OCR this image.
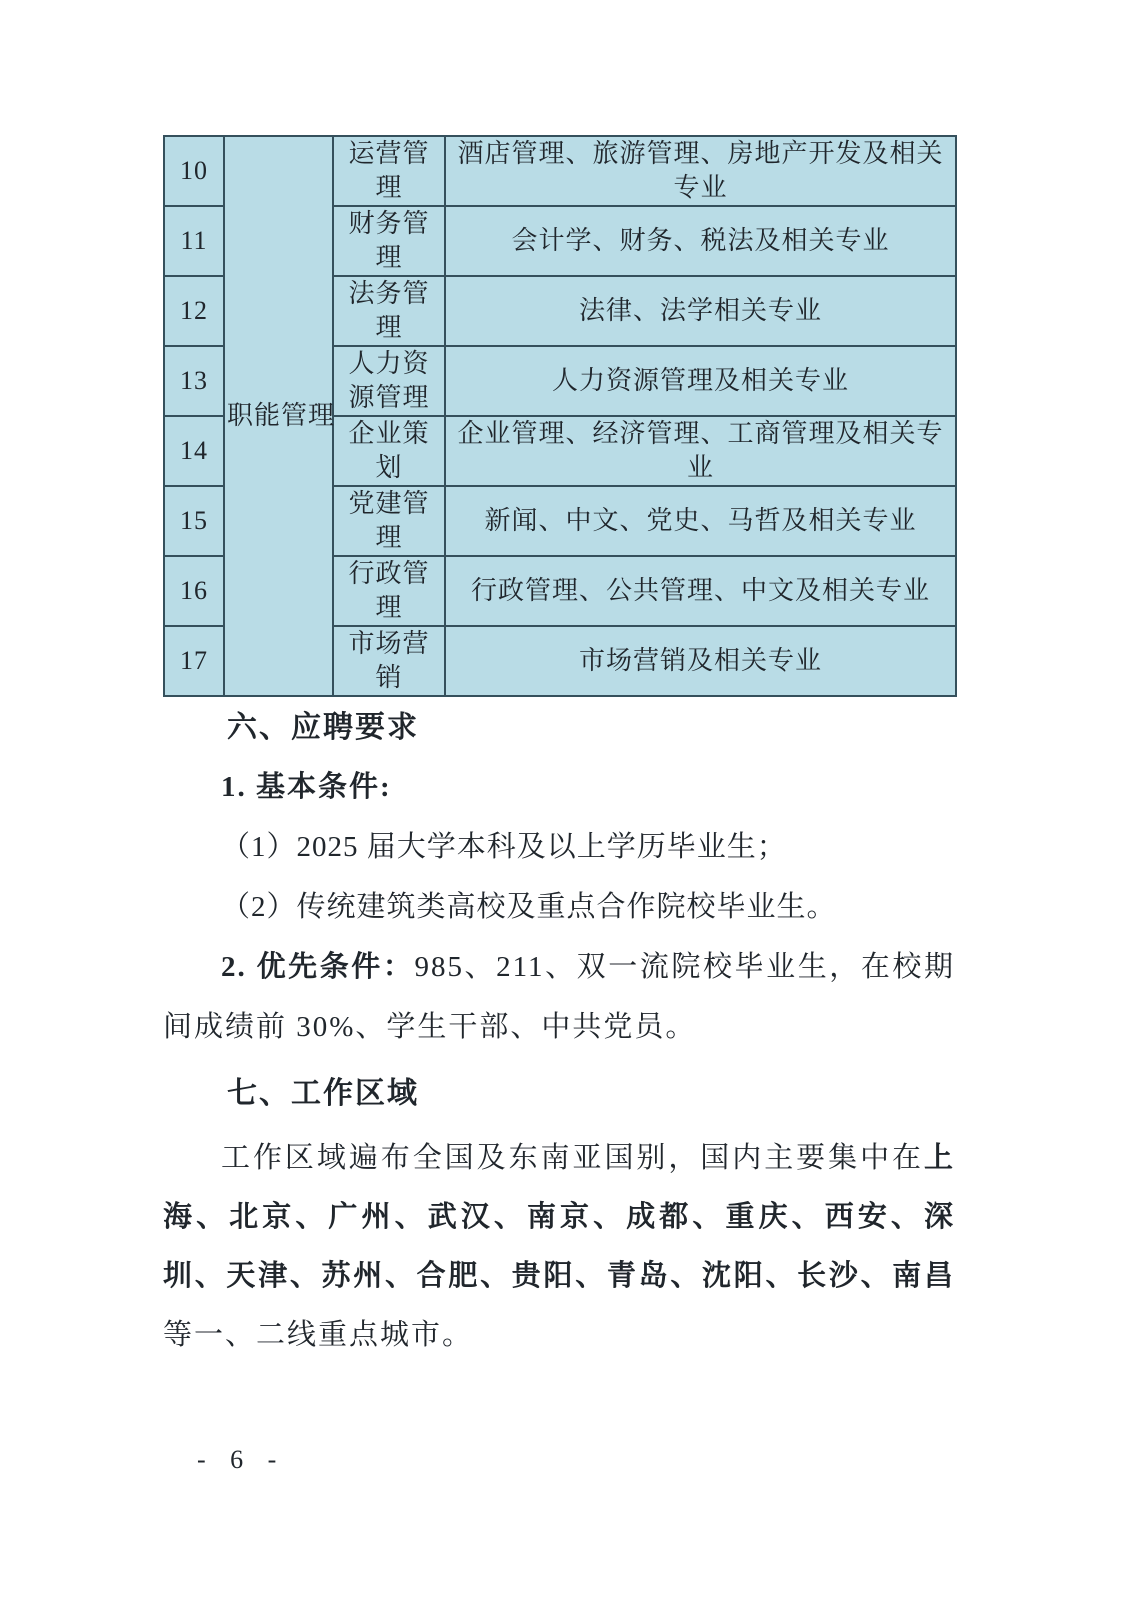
10	职能管理	运营管理	酒店管理、旅游管理、房地产开发及相关专业
11		财务管理	会计学、财务、税法及相关专业
12		法务管理	法律、法学相关专业
13		人力资源管理	人力资源管理及相关专业
14		企业策划	企业管理、经济管理、工商管理及相关专业
15		党建管理	新闻、中文、党史、马哲及相关专业
16		行政管理	行政管理、公共管理、中文及相关专业
17		市场营销	市场营销及相关专业
六、应聘要求

1. 基本条件:

（1）2025 届大学本科及以上学历毕业生；

（2）传统建筑类高校及重点合作院校毕业生。

2. 优先条件：985、211、双一流院校毕业生，在校期间成绩前 30%、学生干部、中共党员。

七、工作区域

工作区域遍布全国及东南亚国别，国内主要集中在上海、北京、广州、武汉、南京、成都、重庆、西安、深圳、天津、苏州、合肥、贵阳、青岛、沈阳、长沙、南昌等一、二线重点城市。

- 6 -
